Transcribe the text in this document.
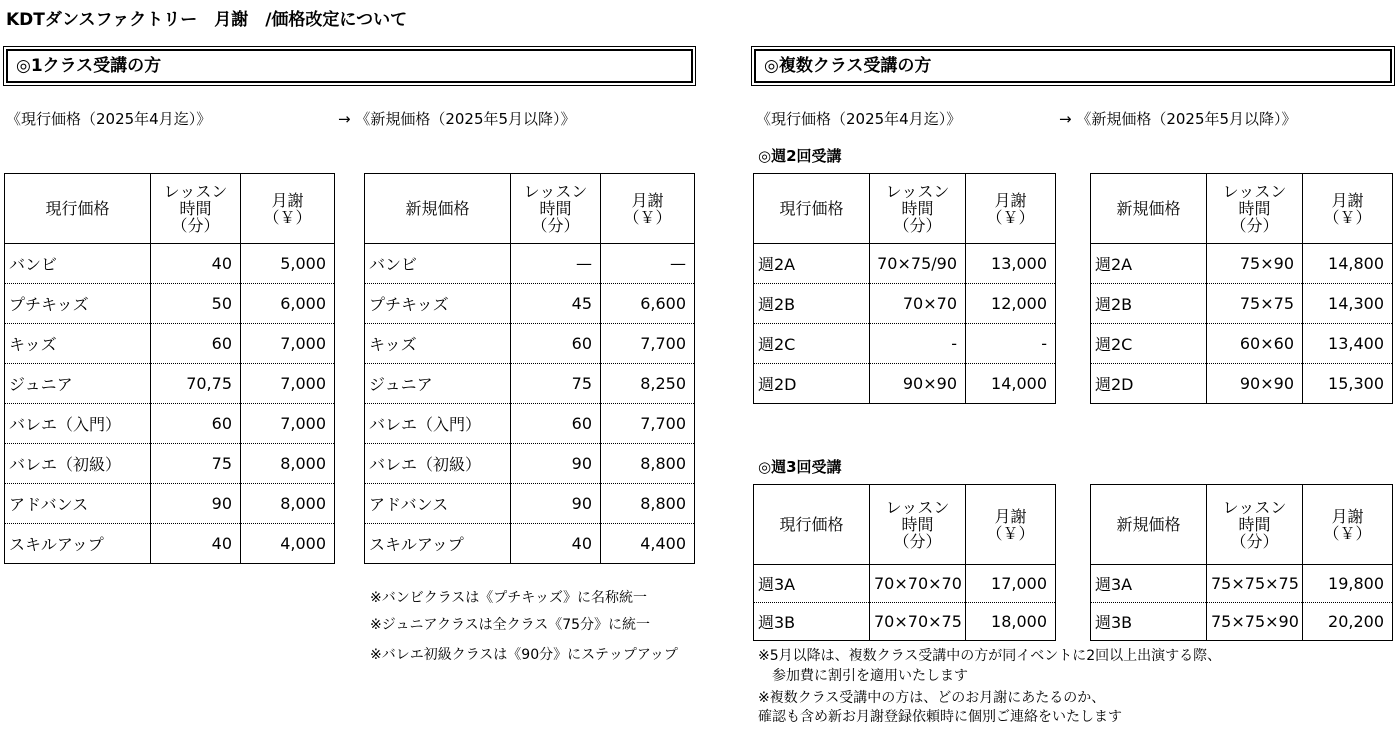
KDTダンスファクトリー　月謝　/価格改定について
◎1クラス受講の方
《現行価格（2025年4月迄）》	→ 《新規価格（2025年5月以降）》
現行価格	レッスン
時間
（分）	月謝
（￥）
バンビ	40	5,000
プチキッズ	50	6,000
キッズ	60	7,000
ジュニア	70,75	7,000
バレエ（入門）	60	7,000
バレエ（初級）	75	8,000
アドバンス	90	8,000
スキルアップ	40	4,000
新規価格	レッスン
時間
（分）	月謝
（￥）
バンビ	—	—
プチキッズ	45	6,600
キッズ	60	7,700
ジュニア	75	8,250
バレエ（入門）	60	7,700
バレエ（初級）	90	8,800
アドバンス	90	8,800
スキルアップ	40	4,400
※バンビクラスは《プチキッズ》に名称統一
※ジュニアクラスは全クラス《75分》に統一
※バレエ初級クラスは《90分》にステップアップ
◎複数クラス受講の方
《現行価格（2025年4月迄）》	→ 《新規価格（2025年5月以降）》
◎週2回受講
現行価格	レッスン
時間
（分）	月謝
（￥）
週2A	70×75/90	13,000
週2B	70×70	12,000
週2C	-	-
週2D	90×90	14,000
新規価格	レッスン
時間
（分）	月謝
（￥）
週2A	75×90	14,800
週2B	75×75	14,300
週2C	60×60	13,400
週2D	90×90	15,300
◎週3回受講
現行価格	レッスン
時間
（分）	月謝
（￥）
週3A	70×70×70	17,000
週3B	70×70×75	18,000
新規価格	レッスン
時間
（分）	月謝
（￥）
週3A	75×75×75	19,800
週3B	75×75×90	20,200
※5月以降は、複数クラス受講中の方が同イベントに2回以上出演する際、
　参加費に割引を適用いたします
※複数クラス受講中の方は、どのお月謝にあたるのか、
確認も含め新お月謝登録依頼時に個別ご連絡をいたします
